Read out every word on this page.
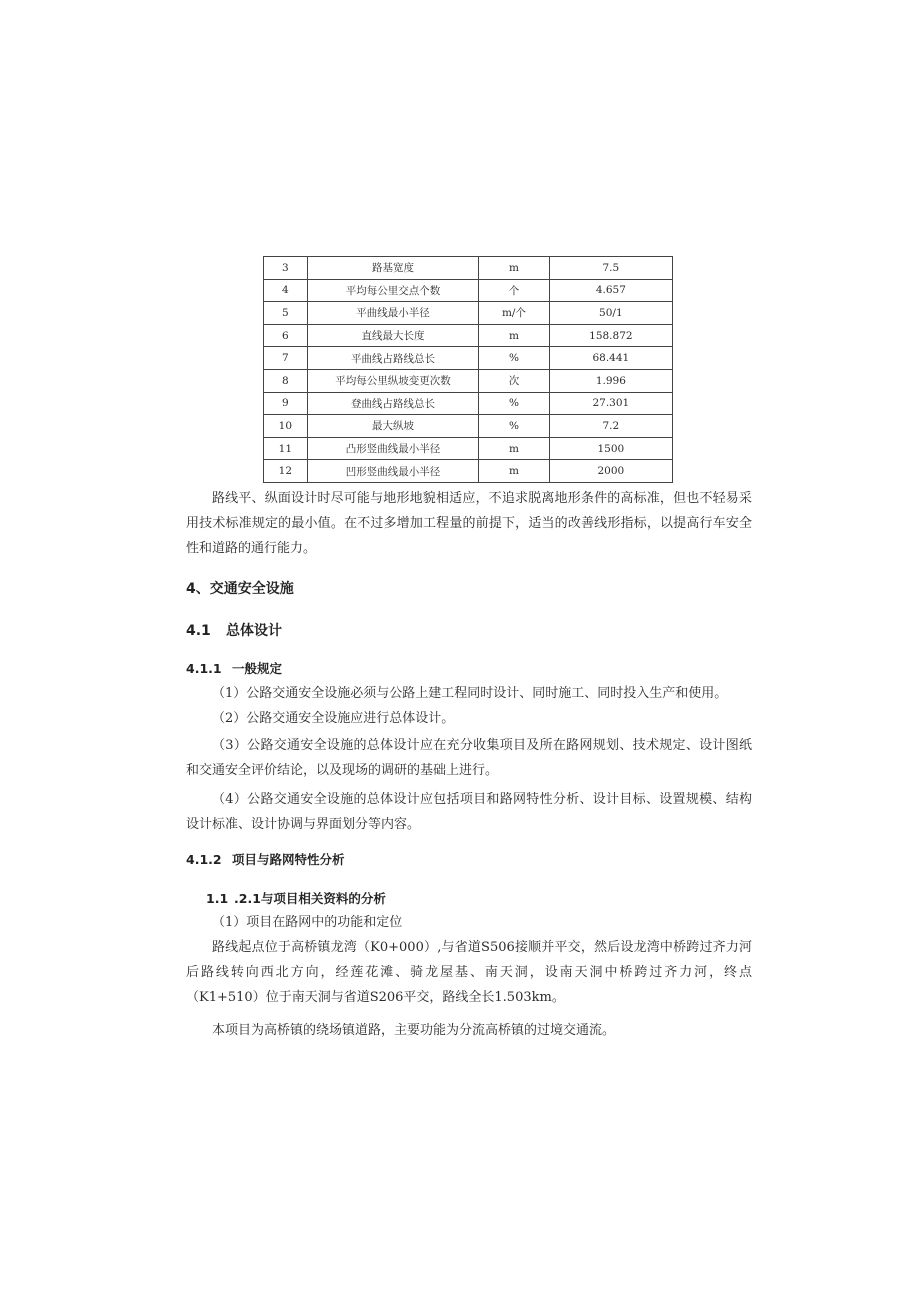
3	路基宽度	m	7.5
4	平均每公里交点个数	个	4.657
5	平曲线最小半径	m/个	50/1
6	直线最大长度	m	158.872
7	平曲线占路线总长	%	68.441
8	平均每公里纵坡变更次数	次	1.996
9	登曲线占路线总长	%	27.301
10	最大纵坡	%	7.2
11	凸形竖曲线最小半径	m	1500
12	凹形竖曲线最小半径	m	2000

路线平、纵面设计时尽可能与地形地貌相适应，不追求脱离地形条件的高标准，但也不轻易采用技术标准规定的最小值。在不过多增加工程量的前提下，适当的改善线形指标，以提高行车安全性和道路的通行能力。

4、交通安全设施
4.1 总体设计
4.1.1 一般规定

（1）公路交通安全设施必须与公路上建工程同时设计、同时施工、同时投入生产和使用。

（2）公路交通安全设施应进行总体设计。

（3）公路交通安全设施的总体设计应在充分收集项目及所在路网规划、技术规定、设计图纸和交通安全评价结论，以及现场的调研的基础上进行。

（4）公路交通安全设施的总体设计应包括项目和路网特性分析、设计目标、设置规模、结构设计标准、设计协调与界面划分等内容。

4.1.2 项目与路网特性分析
1.1 .2.1与项目相关资料的分析

（1）项目在路网中的功能和定位

路线起点位于高桥镇龙湾（K0+000）,与省道S506接顺并平交，然后设龙湾中桥跨过齐力河后路线转向西北方向，经莲花滩、骑龙屋基、南天洞，设南天洞中桥跨过齐力河，终点（K1+510）位于南天洞与省道S206平交，路线全长1.503km。

本项目为高桥镇的绕场镇道路，主要功能为分流高桥镇的过境交通流。
